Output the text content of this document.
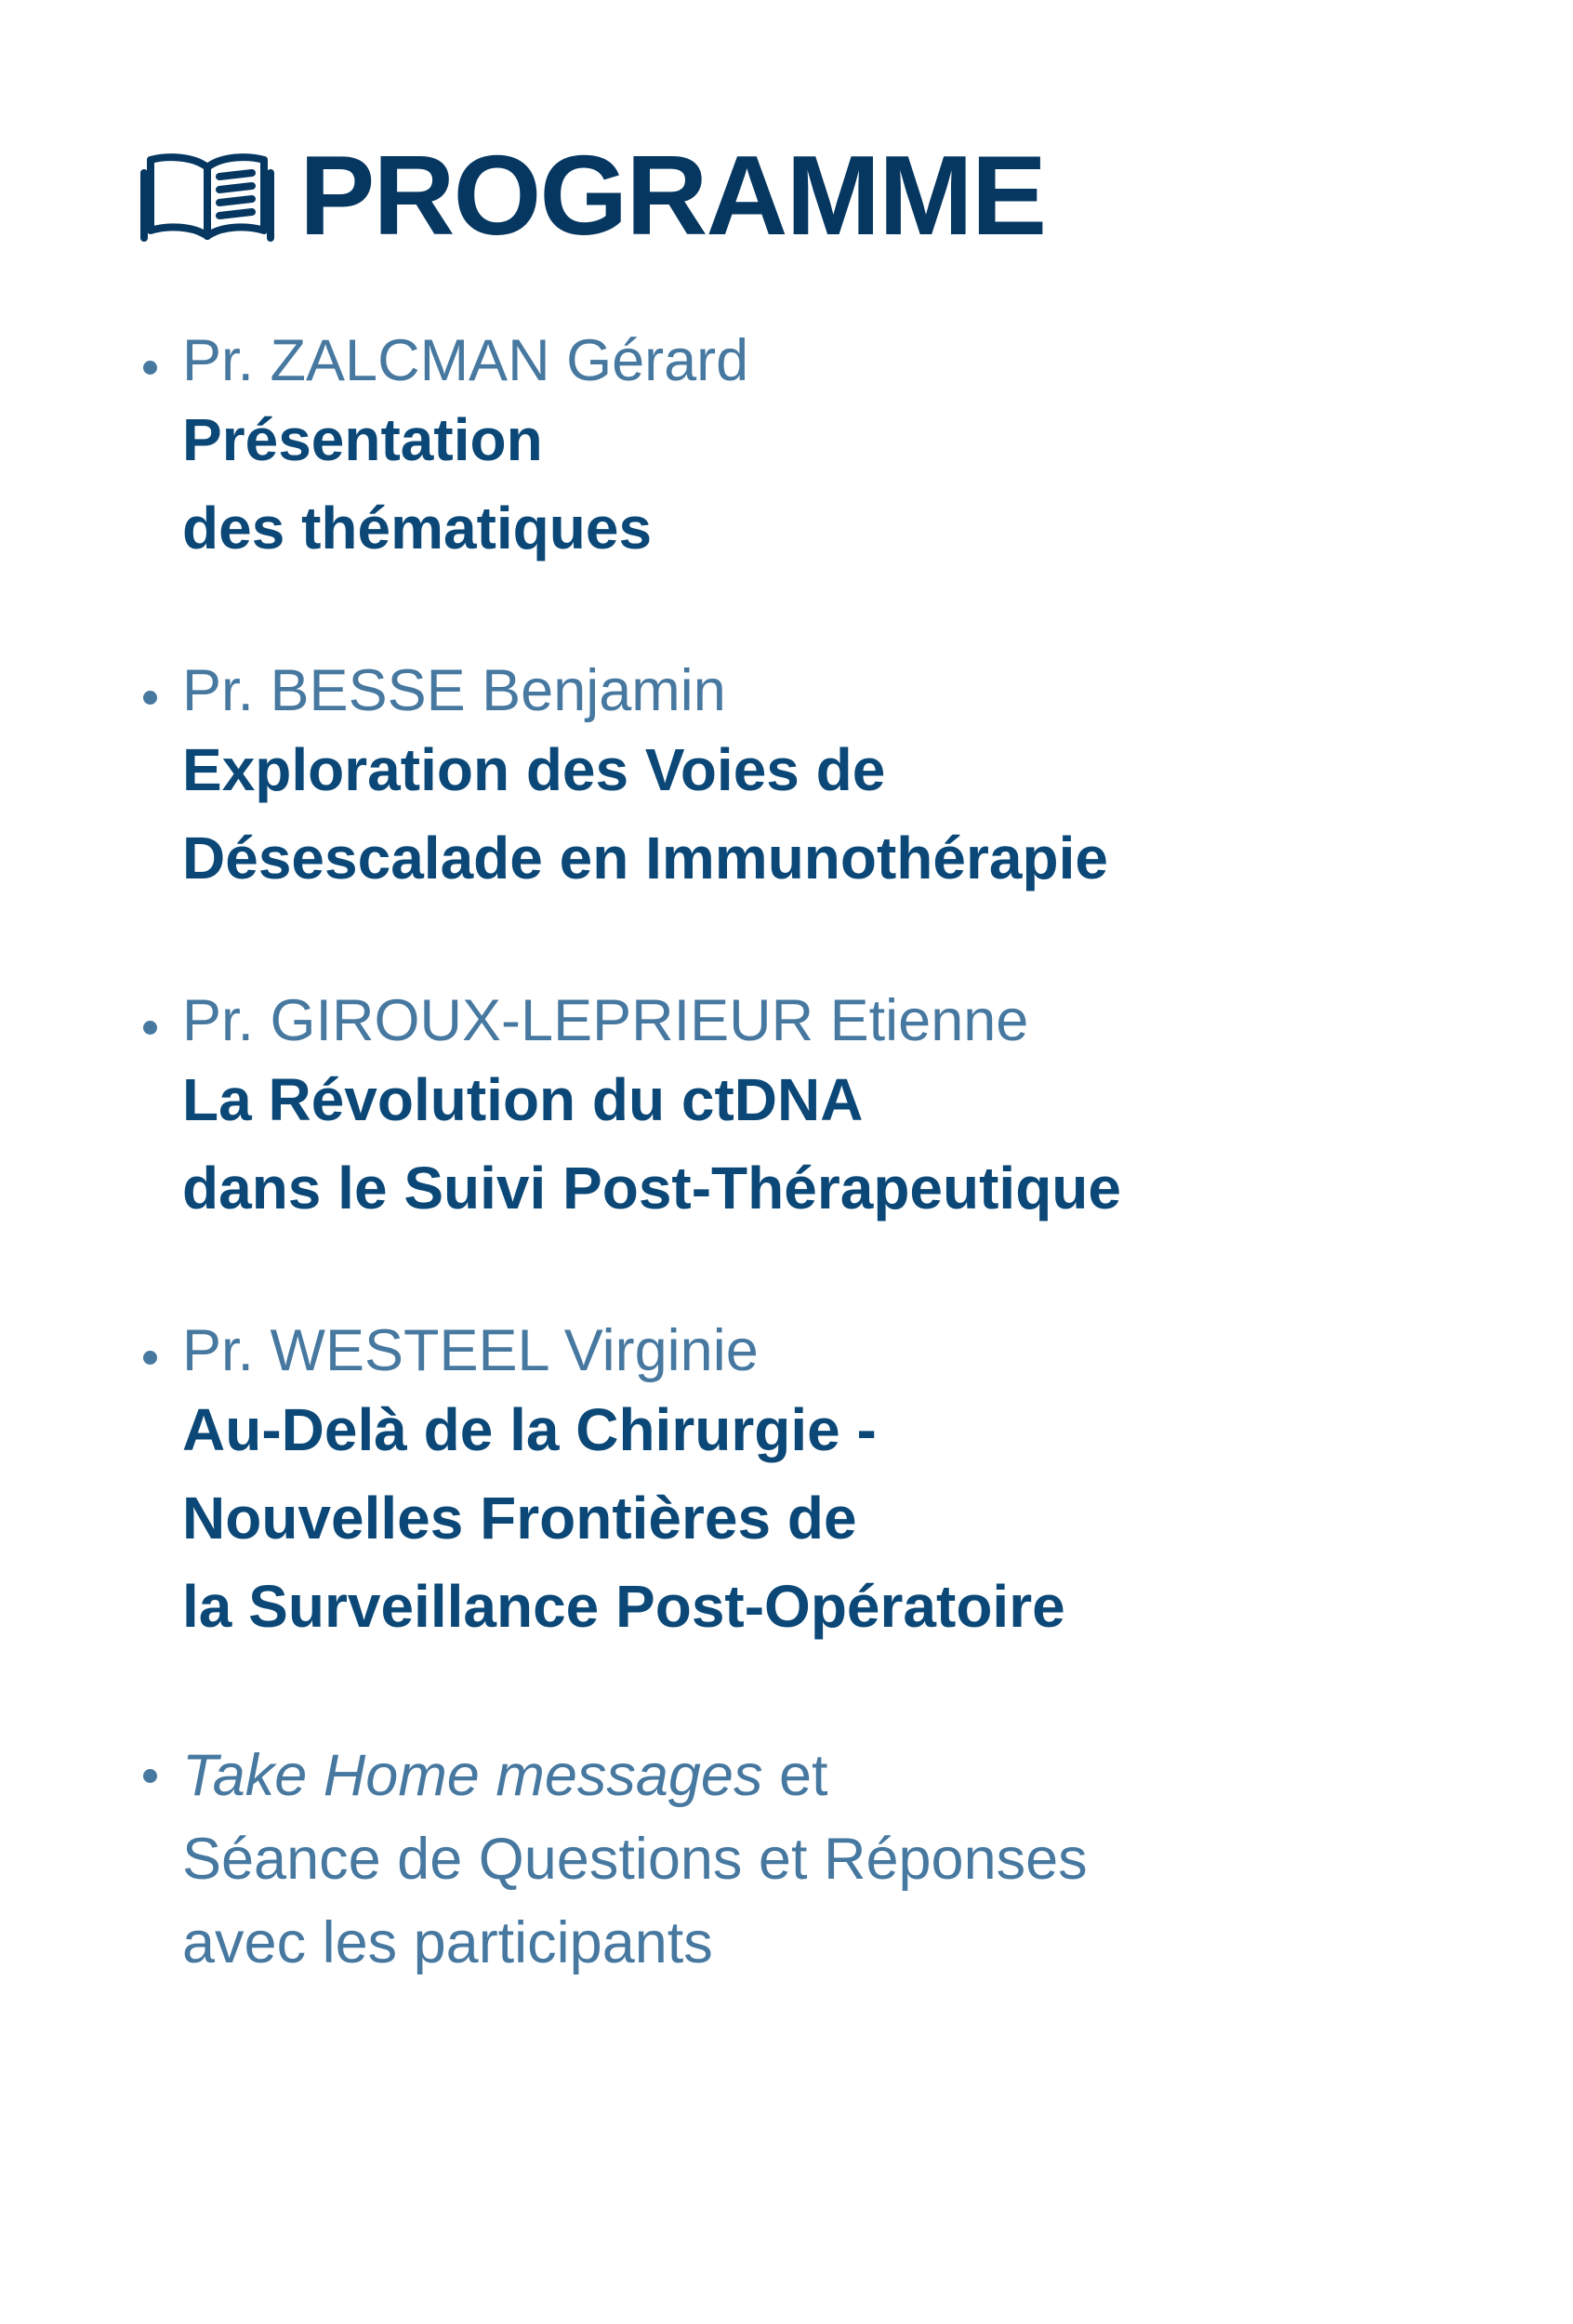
PROGRAMME
Pr. ZALCMAN Gérard
Présentation
des thématiques
Pr. BESSE Benjamin
Exploration des Voies de
Désescalade en Immunothérapie
Pr. GIROUX-LEPRIEUR Etienne
La Révolution du ctDNA
dans le Suivi Post-Thérapeutique
Pr. WESTEEL Virginie
Au-Delà de la Chirurgie -
Nouvelles Frontières de
la Surveillance Post-Opératoire
Take Home messages et
Séance de Questions et Réponses
avec les participants
